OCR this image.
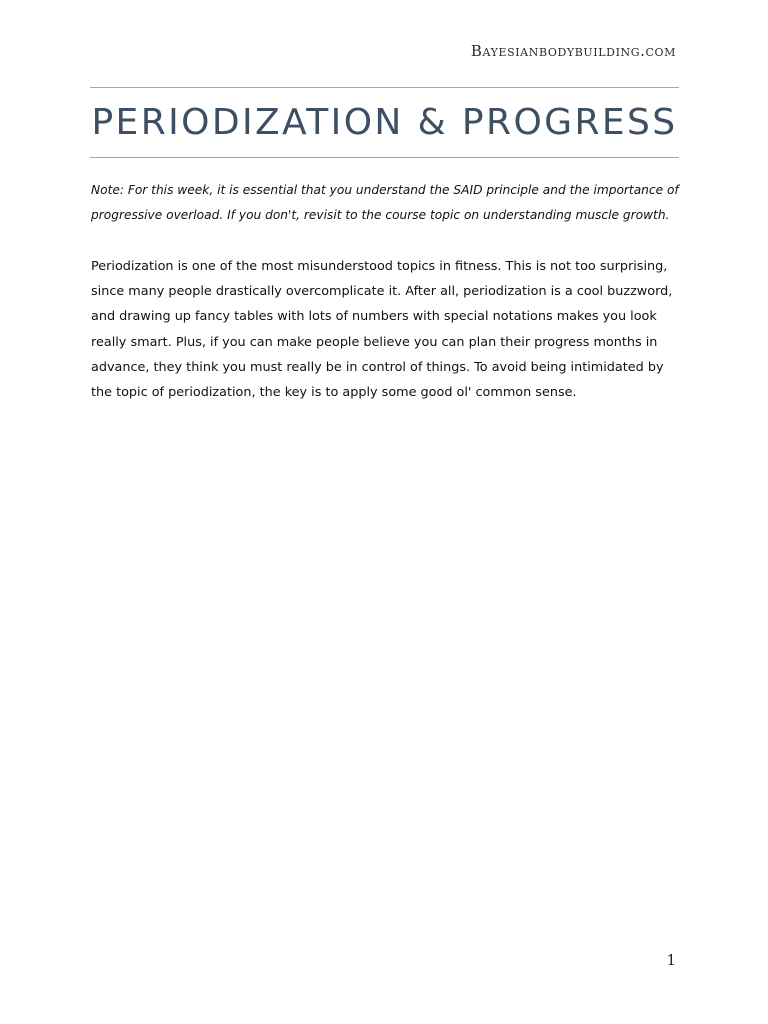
Bayesianbodybuilding.com
PERIODIZATION & PROGRESS

Note: For this week, it is essential that you understand the SAID principle and the importance of progressive overload. If you don't, revisit to the course topic on understanding muscle growth.

Periodization is one of the most misunderstood topics in fitness. This is not too surprising, since many people drastically overcomplicate it. After all, periodization is a cool buzzword, and drawing up fancy tables with lots of numbers with special notations makes you look really smart. Plus, if you can make people believe you can plan their progress months in advance, they think you must really be in control of things. To avoid being intimidated by the topic of periodization, the key is to apply some good ol' common sense.

1
